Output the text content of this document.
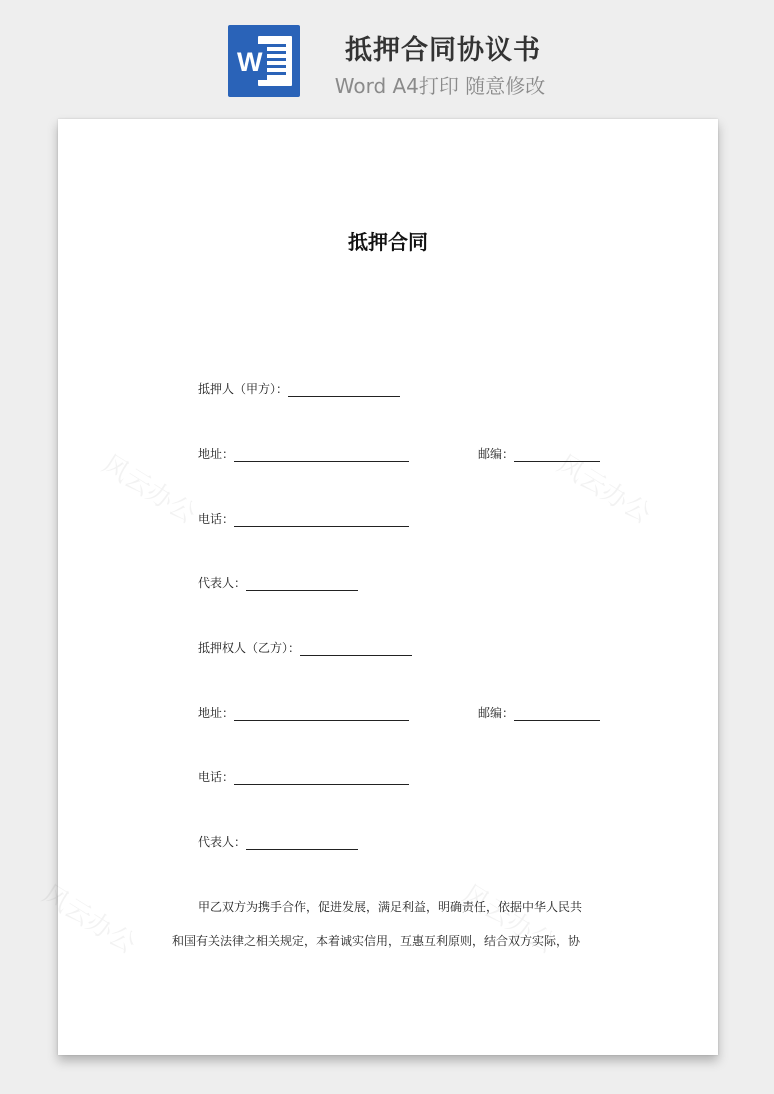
W	抵押合同协议书
Word A4打印 随意修改
风云办公	风云办公
风云办公	风云办公
抵押合同
抵押人（甲方）：
地址：	邮编：
电话：
代表人：
抵押权人（乙方）：
地址：	邮编：
电话：
代表人：

甲乙双方为携手合作，促进发展，满足利益，明确责任，依据中华人民共

和国有关法律之相关规定，本着诚实信用，互惠互利原则，结合双方实际，协
